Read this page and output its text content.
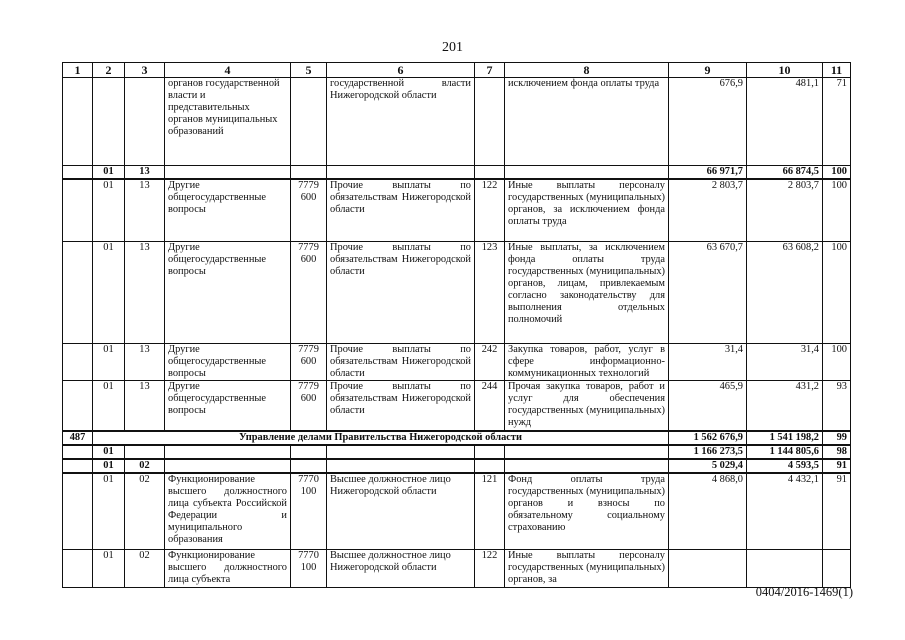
201
1	2	3	4	5	6	7	8	9	10	11
			органов государственной власти и представительных органов муниципальных образований		государственной власти Нижегородской области		исключением фонда оплаты труда	676,9	481,1	71
	01	13						66 971,7	66 874,5	100
	01	13	Другие общегосударственные вопросы	7779 600	Прочие выплаты по обязательствам Нижегородской области	122	Иные выплаты персоналу государственных (муниципальных) органов, за исключением фонда оплаты труда	2 803,7	2 803,7	100
	01	13	Другие общегосударственные вопросы	7779 600	Прочие выплаты по обязательствам Нижегородской области	123	Иные выплаты, за исключением фонда оплаты труда государственных (муниципальных) органов, лицам, привлекаемым согласно законодательству для выполнения отдельных полномочий	63 670,7	63 608,2	100
	01	13	Другие общегосударственные вопросы	7779 600	Прочие выплаты по обязательствам Нижегородской области	242	Закупка товаров, работ, услуг в сфере информационно-коммуникационных технологий	31,4	31,4	100
	01	13	Другие общегосударственные вопросы	7779 600	Прочие выплаты по обязательствам Нижегородской области	244	Прочая закупка товаров, работ и услуг для обеспечения государственных (муниципальных) нужд	465,9	431,2	93
487	Управление делами Правительства Нижегородской области							1 562 676,9	1 541 198,2	99
	01							1 166 273,5	1 144 805,6	98
	01	02						5 029,4	4 593,5	91
	01	02	Функционирование высшего должностного лица субъекта Российской Федерации и муниципального образования	7770 100	Высшее должностное лицо Нижегородской области	121	Фонд оплаты труда государственных (муниципальных) органов и взносы по обязательному социальному страхованию	4 868,0	4 432,1	91
	01	02	Функционирование высшего должностного лица субъекта	7770 100	Высшее должностное лицо Нижегородской области	122	Иные выплаты персоналу государственных (муниципальных) органов, за			
0404/2016-1469(1)
